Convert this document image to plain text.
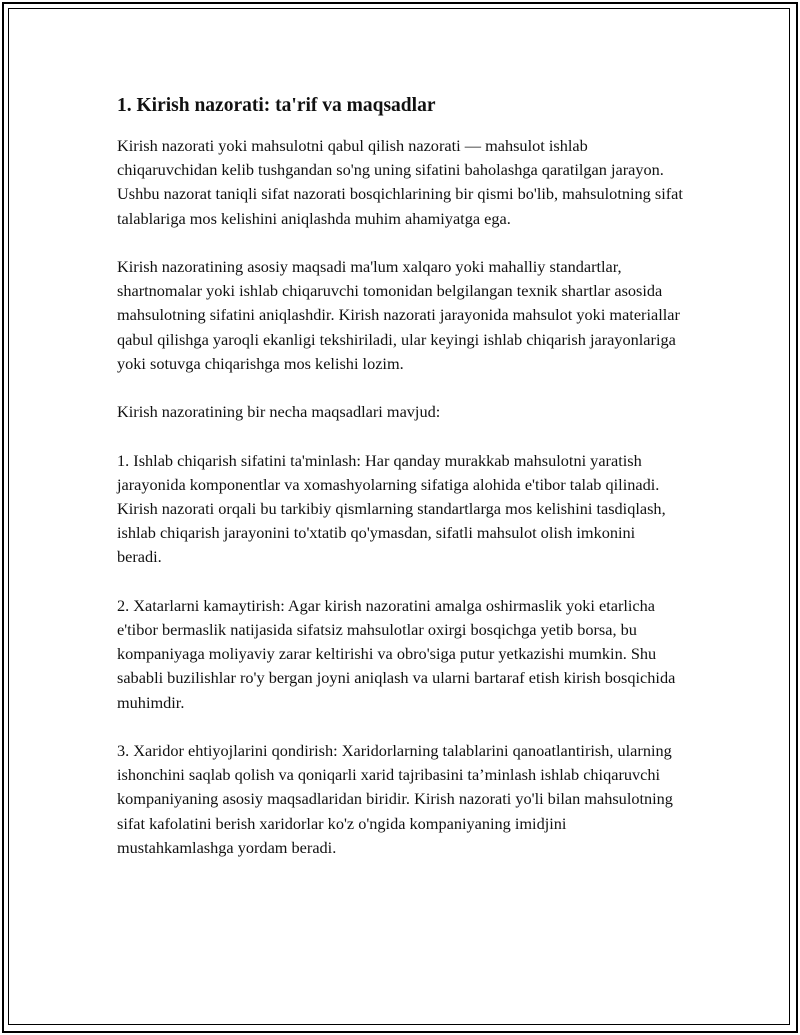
1. Kirish nazorati: ta'rif va maqsadlar

Kirish nazorati yoki mahsulotni qabul qilish nazorati — mahsulot ishlab chiqaruvchidan kelib tushgandan so'ng uning sifatini baholashga qaratilgan jarayon. Ushbu nazorat taniqli sifat nazorati bosqichlarining bir qismi bo'lib, mahsulotning sifat talablariga mos kelishini aniqlashda muhim ahamiyatga ega.

Kirish nazoratining asosiy maqsadi ma'lum xalqaro yoki mahalliy standartlar, shartnomalar yoki ishlab chiqaruvchi tomonidan belgilangan texnik shartlar asosida mahsulotning sifatini aniqlashdir. Kirish nazorati jarayonida mahsulot yoki materiallar qabul qilishga yaroqli ekanligi tekshiriladi, ular keyingi ishlab chiqarish jarayonlariga yoki sotuvga chiqarishga mos kelishi lozim.

Kirish nazoratining bir necha maqsadlari mavjud:

1. Ishlab chiqarish sifatini ta'minlash: Har qanday murakkab mahsulotni yaratish jarayonida komponentlar va xomashyolarning sifatiga alohida e'tibor talab qilinadi. Kirish nazorati orqali bu tarkibiy qismlarning standartlarga mos kelishini tasdiqlash, ishlab chiqarish jarayonini to'xtatib qo'ymasdan, sifatli mahsulot olish imkonini beradi.

2. Xatarlarni kamaytirish: Agar kirish nazoratini amalga oshirmaslik yoki etarlicha e'tibor bermaslik natijasida sifatsiz mahsulotlar oxirgi bosqichga yetib borsa, bu kompaniyaga moliyaviy zarar keltirishi va obro'siga putur yetkazishi mumkin. Shu sababli buzilishlar ro'y bergan joyni aniqlash va ularni bartaraf etish kirish bosqichida muhimdir.

3. Xaridor ehtiyojlarini qondirish: Xaridorlarning talablarini qanoatlantirish, ularning ishonchini saqlab qolish va qoniqarli xarid tajribasini ta’minlash ishlab chiqaruvchi kompaniyaning asosiy maqsadlaridan biridir. Kirish nazorati yo'li bilan mahsulotning sifat kafolatini berish xaridorlar ko'z o'ngida kompaniyaning imidjini mustahkamlashga yordam beradi.
